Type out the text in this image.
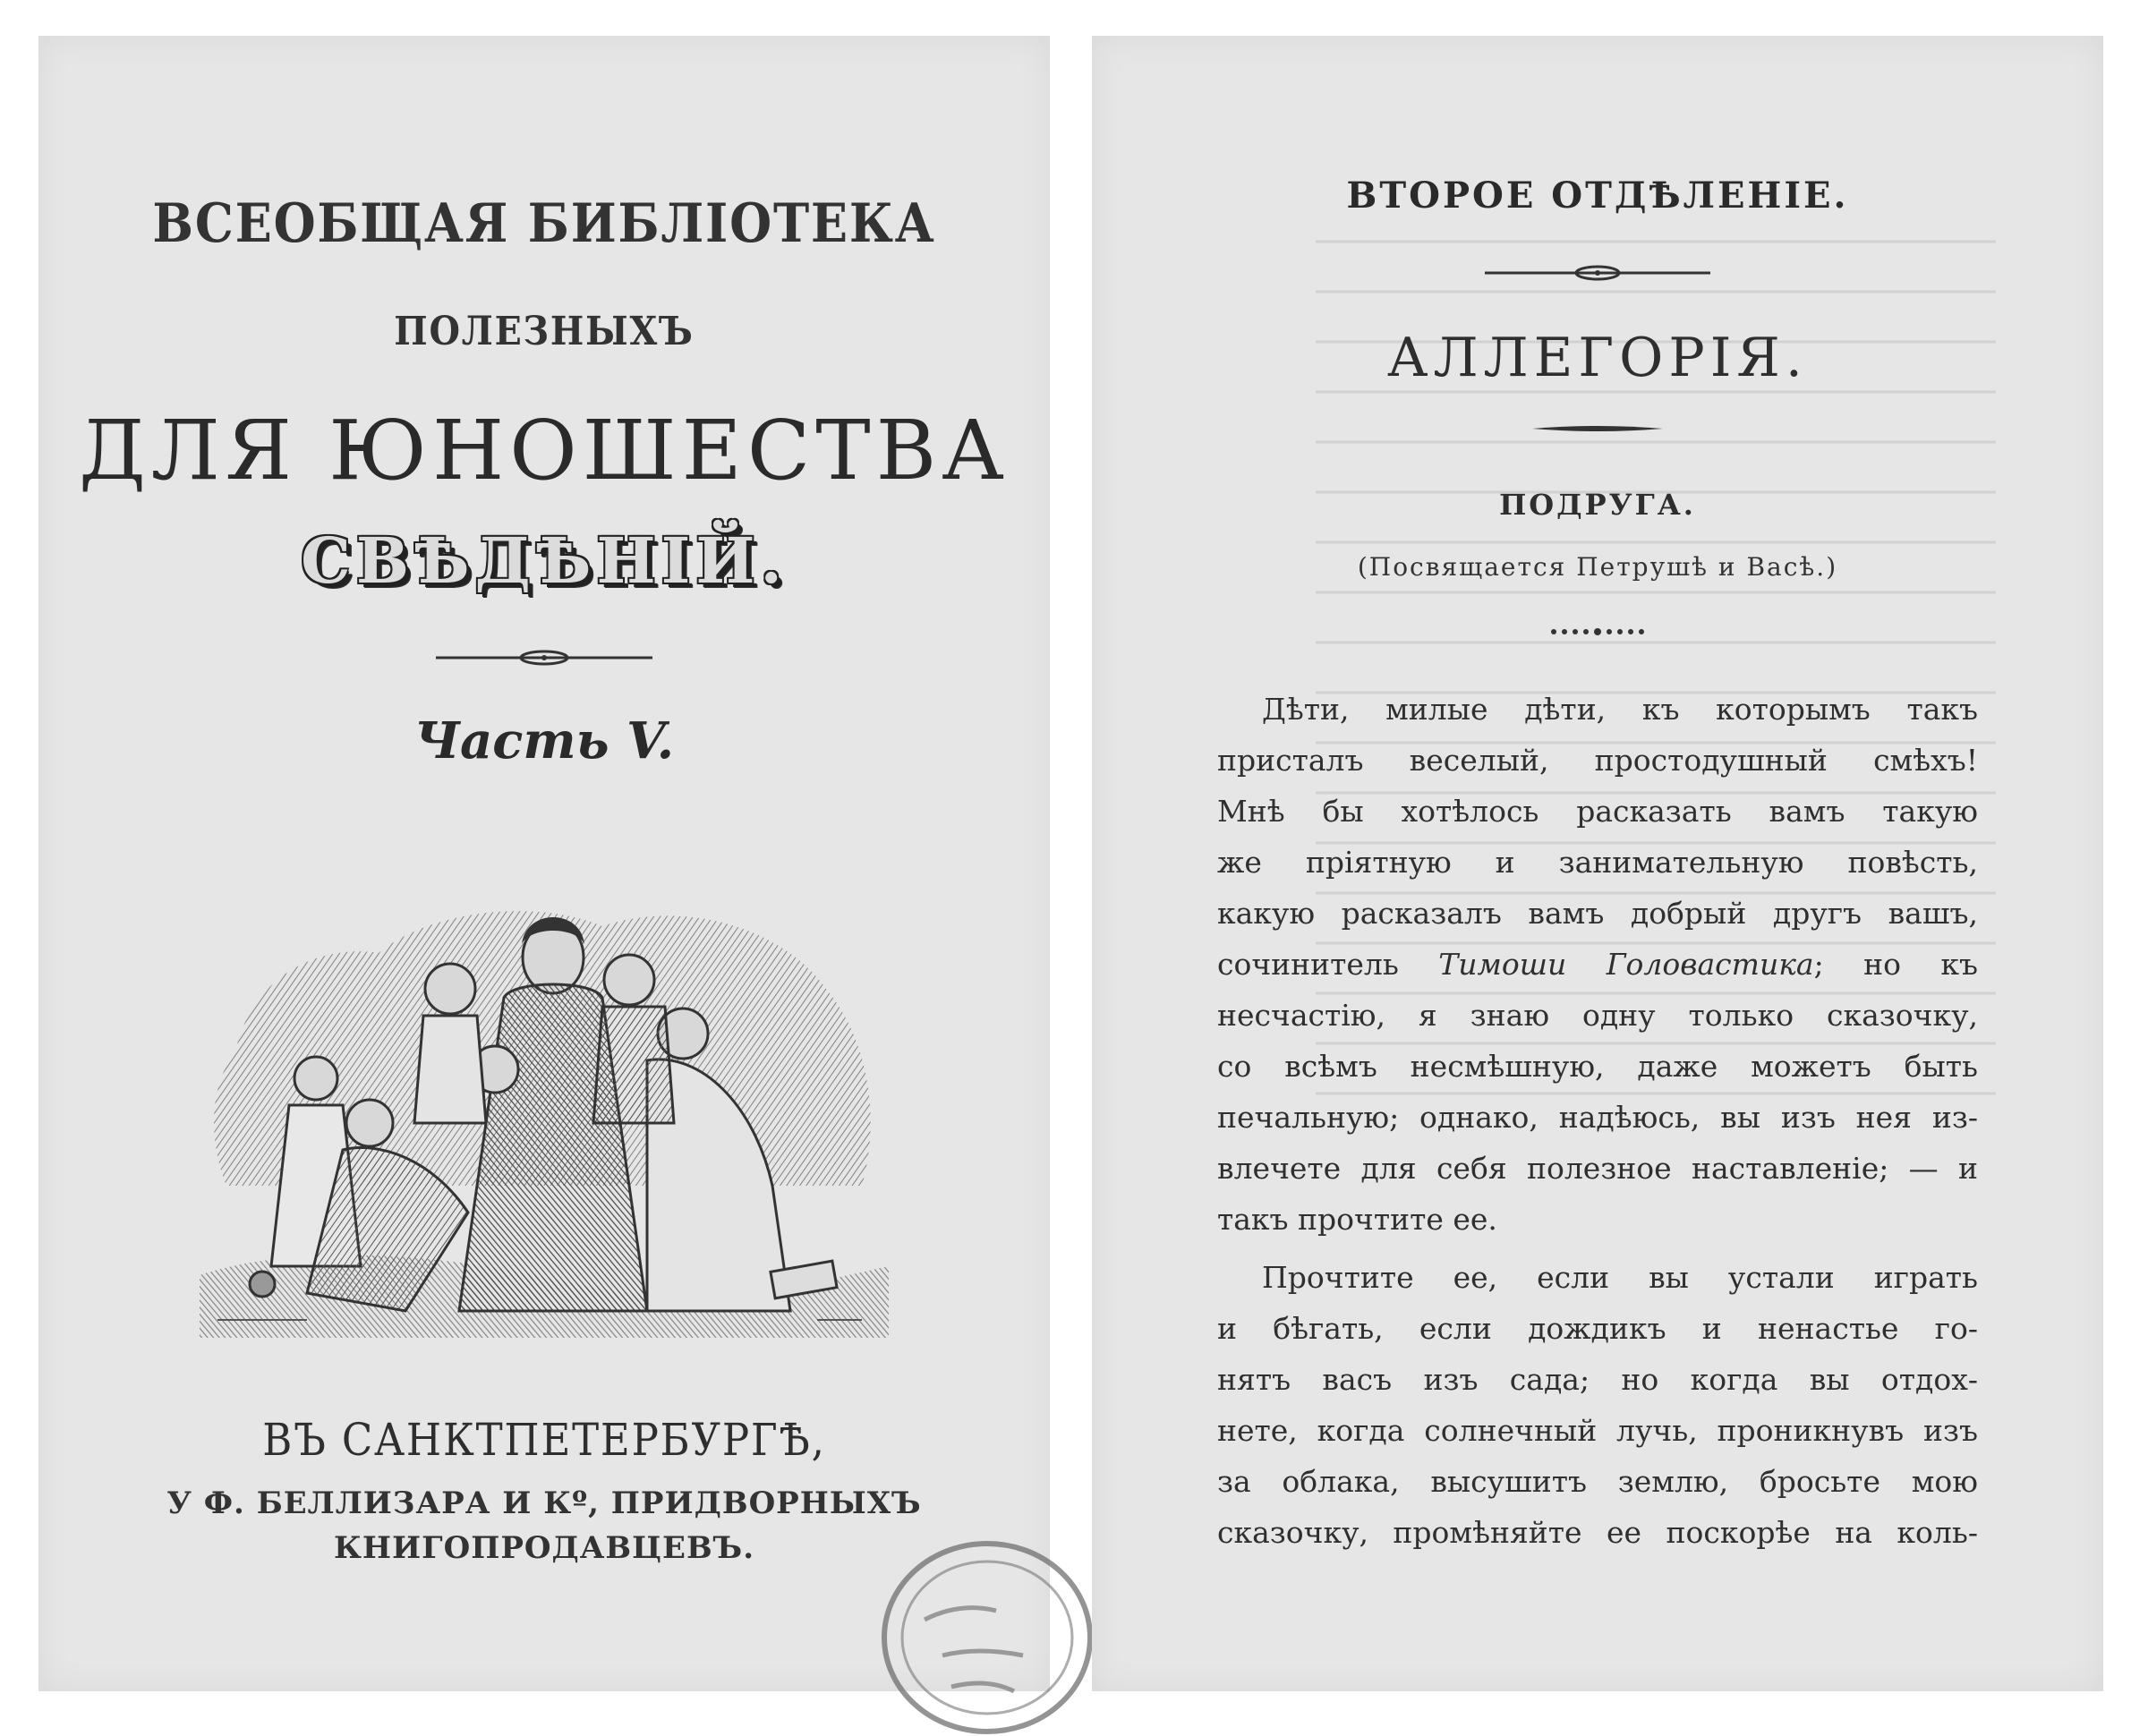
ВСЕОБЩАЯ БИБЛІОТЕКА
ПОЛЕЗНЫХЪ
ДЛЯ ЮНОШЕСТВА
СВѢДѢНІЙ.
Часть V.
ВЪ САНКТПЕТЕРБУРГѢ,
У Ф. БЕЛЛИЗАРА И Кº, ПРИДВОРНЫХЪ
КНИГОПРОДАВЦЕВЪ.
ВТОРОЕ ОТДѢЛЕНІЕ.
АЛЛЕГОРІЯ.
ПОДРУГА.
(Посвящается Петрушѣ и Васѣ.)
Дѣти, милые дѣти, къ которымъ такъ
присталъ веселый, простодушный смѣхъ!
Мнѣ бы хотѣлось расказать вамъ такую
же пріятную и занимательную повѣсть,
какую расказалъ вамъ добрый другъ вашъ,
сочинитель Тимоши Головастика; но къ
несчастію, я знаю одну только сказочку,
со всѣмъ несмѣшную, даже можетъ быть
печальную; однако, надѣюсь, вы изъ нея из-
влечете для себя полезное наставленіе; — и
такъ прочтите ее.
Прочтите ее, если вы устали играть
и бѣгать, если дождикъ и ненастье го-
нятъ васъ изъ сада; но когда вы отдох-
нете, когда солнечный лучь, проникнувъ изъ
за облака, высушитъ землю, бросьте мою
сказочку, промѣняйте ее поскорѣе на коль-
